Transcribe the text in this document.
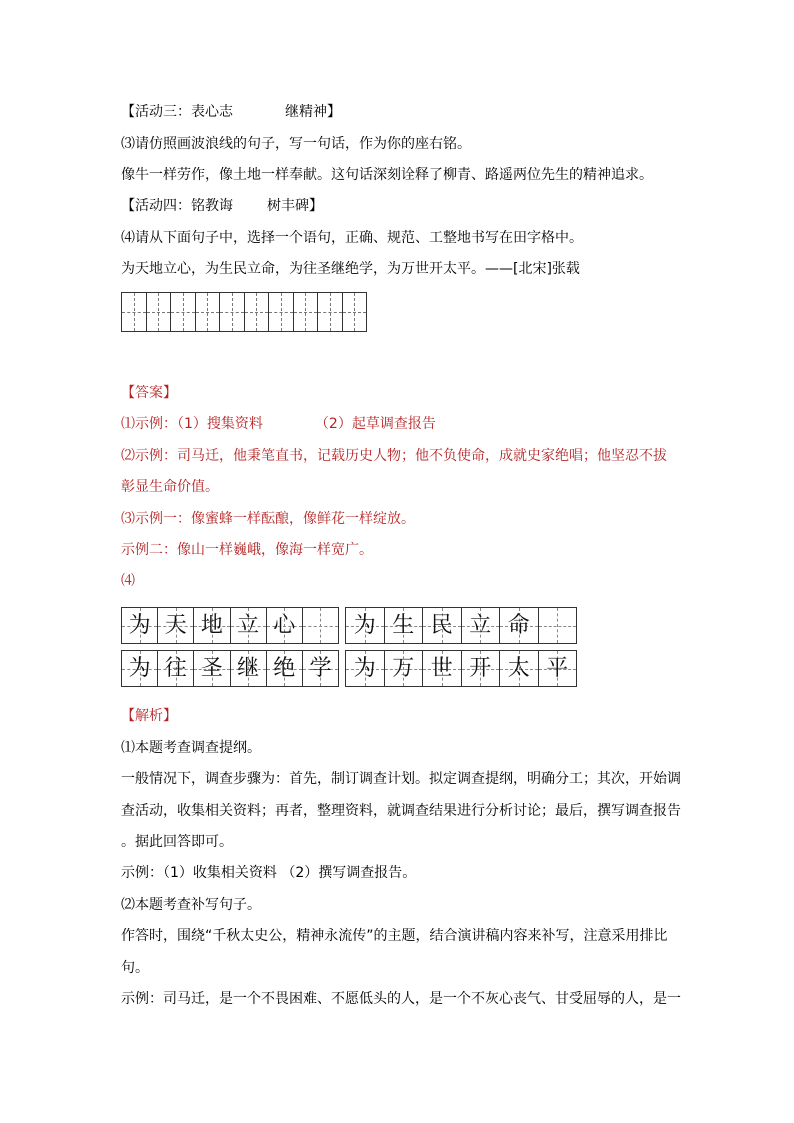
【活动三：表心志	继精神】
⑶请仿照画波浪线的句子，写一句话，作为你的座右铭。
像牛一样劳作，像土地一样奉献。这句话深刻诠释了柳青、路遥两位先生的精神追求。
【活动四：铭教诲 树丰碑】
⑷请从下面句子中，选择一个语句，正确、规范、工整地书写在田字格中。
为天地立心，为生民立命，为往圣继绝学，为万世开太平。——[北宋]张载
【答案】
⑴示例：（1）搜集资料	（2）起草调查报告
⑵示例：司马迁，他秉笔直书，记载历史人物；他不负使命，成就史家绝唱；他坚忍不拔
彰显生命价值。
⑶示例一：像蜜蜂一样酝酿，像鲜花一样绽放。
示例二：像山一样巍峨，像海一样宽广。
⑷
为 天 地 立 心	为 生 民 立 命
为 往 圣 继 绝 学	为 万 世 开 太 平
【解析】
⑴本题考查调查提纲。
一般情况下，调查步骤为：首先，制订调查计划。拟定调查提纲，明确分工；其次，开始调
查活动，收集相关资料；再者，整理资料，就调查结果进行分析讨论；最后，撰写调查报告
。据此回答即可。
示例：（1）收集相关资料 （2）撰写调查报告。
⑵本题考查补写句子。
作答时，围绕“千秋太史公，精神永流传”的主题，结合演讲稿内容来补写，注意采用排比
句。
示例：司马迁，是一个不畏困难、不愿低头的人，是一个不灰心丧气、甘受屈辱的人，是一
